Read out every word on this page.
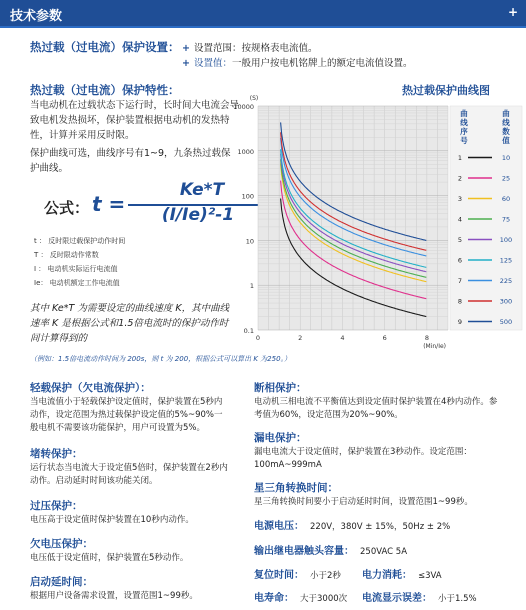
技术参数	+
热过载（过电流）保护设置： + 设置范围：按规格表电流值。
+ 设置值：一般用户按电机铭牌上的额定电流值设置。
热过载（过电流）保护特性：
当电动机在过载状态下运行时，长时间大电流会导致电机发热损坏，保护装置根据电动机的发热特性，计算并采用反时限。
保护曲线可选，曲线序号有1~9，九条热过载保护曲线。
公式： t =
Ke*T
(I/Ie)²-1
t ： 反时限过载保护动作时间
T ： 反时限动作常数
I ： 电动机实际运行电流值
Ie： 电动机额定工作电流值
其中 Ke*T 为需要设定的曲线速度 K，其中曲线速率 K 是根据公式和1.5倍电流时的保护动作时间计算得到的
（例如：1.5倍电流动作时间为 200s，则 t 为 200，根据公式可以算出 K 为250。）
热过载保护曲线图
0.1
1
10
100
1000
10000
0	2	4	6	8
(S)
(Min/Ie)
曲
线
序
号
曲
线
数
值
1	10
2	25
3	60
4	75
5	100
6	125
7	225
8	300
9	500
轻载保护（欠电流保护）：
当电流值小于轻载保护设定值时，保护装置在5秒内动作，设定范围为热过载保护设定值的5%~90%一般电机不需要该功能保护，用户可设置为5%。
堵转保护：
运行状态当电流大于设定值5倍时，保护装置在2秒内动作。启动延时时间该功能关闭。
过压保护：
电压高于设定值时保护装置在10秒内动作。
欠电压保护：
电压低于设定值时，保护装置在5秒动作。
启动延时间：
根据用户设备需求设置，设置范围1~99秒。
断相保护：
电动机三相电流不平衡值达到设定值时保护装置在4秒内动作。参考值为60%，设定范围为20%~90%。
漏电保护：
漏电电流大于设定值时，保护装置在3秒动作。设定范围：100mA~999mA
星三角转换时间：
星三角转换时间要小于启动延时时间，设置范围1~99秒。
电源电压： 220V，380V ± 15%，50Hz ± 2%
输出继电器触头容量： 250VAC 5A
复位时间： 小于2秒 电力消耗： ≤3VA
电寿命： 大于3000次 电流显示误差： 小于1.5%
